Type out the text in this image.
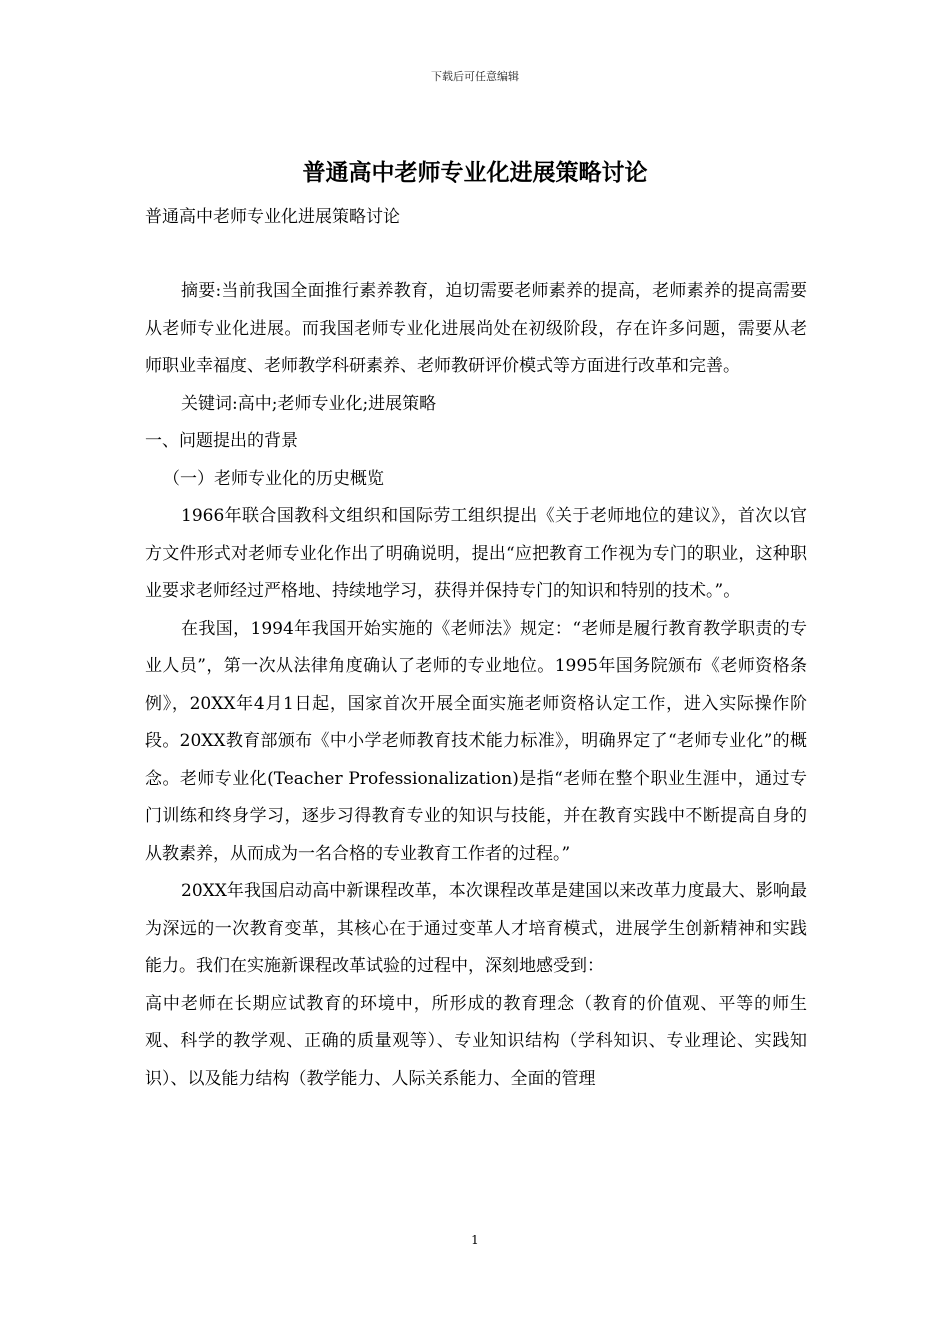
下载后可任意编辑
普通高中老师专业化进展策略讨论
普通高中老师专业化进展策略讨论

摘要:当前我国全面推行素养教育，迫切需要老师素养的提高，老师素养的提高需要从老师专业化进展。而我国老师专业化进展尚处在初级阶段，存在许多问题，需要从老师职业幸福度、老师教学科研素养、老师教研评价模式等方面进行改革和完善。

关键词:高中;老师专业化;进展策略

一、问题提出的背景

（一）老师专业化的历史概览

1966年联合国教科文组织和国际劳工组织提出《关于老师地位的建议》，首次以官方文件形式对老师专业化作出了明确说明，提出“应把教育工作视为专门的职业，这种职业要求老师经过严格地、持续地学习，获得并保持专门的知识和特别的技术。”。

在我国，1994年我国开始实施的《老师法》规定：“老师是履行教育教学职责的专业人员”，第一次从法律角度确认了老师的专业地位。1995年国务院颁布《老师资格条例》，20XX年4月1日起，国家首次开展全面实施老师资格认定工作，进入实际操作阶段。20XX教育部颁布《中小学老师教育技术能力标准》，明确界定了“老师专业化”的概念。老师专业化(Teacher Professionalization)是指“老师在整个职业生涯中，通过专门训练和终身学习，逐步习得教育专业的知识与技能，并在教育实践中不断提高自身的从教素养，从而成为一名合格的专业教育工作者的过程。”

20XX年我国启动高中新课程改革，本次课程改革是建国以来改革力度最大、影响最为深远的一次教育变革，其核心在于通过变革人才培育模式，进展学生创新精神和实践能力。我们在实施新课程改革试验的过程中，深刻地感受到：

高中老师在长期应试教育的环境中，所形成的教育理念（教育的价值观、平等的师生观、科学的教学观、正确的质量观等）、专业知识结构（学科知识、专业理论、实践知识）、以及能力结构（教学能力、人际关系能力、全面的管理

1
